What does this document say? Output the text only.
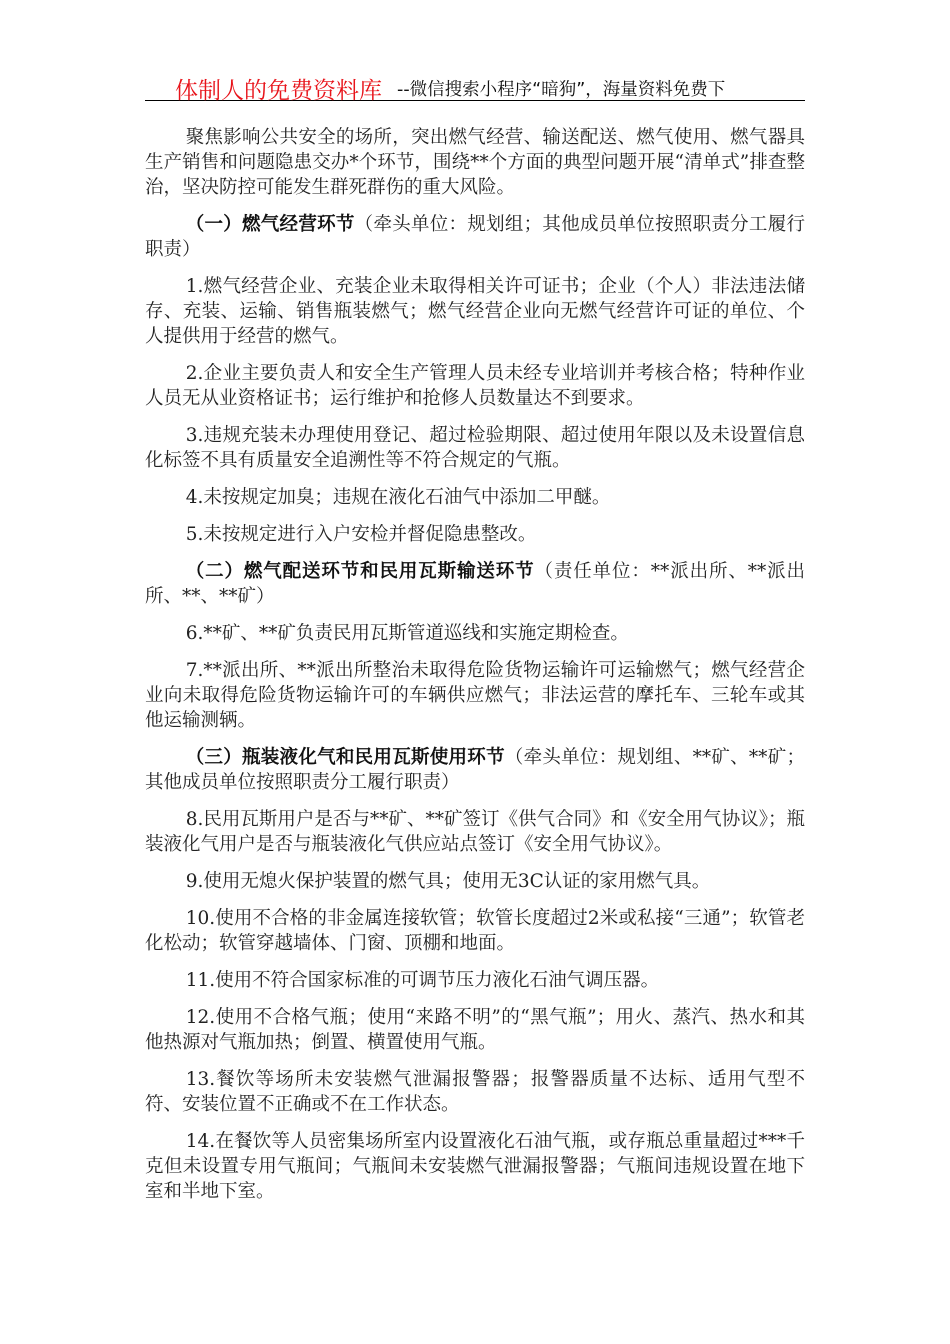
体制人的免费资料库 --微信搜索小程序“暗狗”，海量资料免费下

聚焦影响公共安全的场所，突出燃气经营、输送配送、燃气使用、燃气器具生产销售和问题隐患交办*个环节，围绕**个方面的典型问题开展“清单式”排查整治，坚决防控可能发生群死群伤的重大风险。

（一）燃气经营环节（牵头单位：规划组；其他成员单位按照职责分工履行职责）

1.燃气经营企业、充装企业未取得相关许可证书；企业（个人）非法违法储存、充装、运输、销售瓶装燃气；燃气经营企业向无燃气经营许可证的单位、个人提供用于经营的燃气。

2.企业主要负责人和安全生产管理人员未经专业培训并考核合格；特种作业人员无从业资格证书；运行维护和抢修人员数量达不到要求。

3.违规充装未办理使用登记、超过检验期限、超过使用年限以及未设置信息化标签不具有质量安全追溯性等不符合规定的气瓶。

4.未按规定加臭；违规在液化石油气中添加二甲醚。

5.未按规定进行入户安检并督促隐患整改。

（二）燃气配送环节和民用瓦斯输送环节（责任单位：**派出所、**派出所、**、**矿）

6.**矿、**矿负责民用瓦斯管道巡线和实施定期检查。

7.**派出所、**派出所整治未取得危险货物运输许可运输燃气；燃气经营企业向未取得危险货物运输许可的车辆供应燃气；非法运营的摩托车、三轮车或其他运输测辆。

（三）瓶装液化气和民用瓦斯使用环节（牵头单位：规划组、**矿、**矿；其他成员单位按照职责分工履行职责）

8.民用瓦斯用户是否与**矿、**矿签订《供气合同》和《安全用气协议》；瓶装液化气用户是否与瓶装液化气供应站点签订《安全用气协议》。

9.使用无熄火保护装置的燃气具；使用无3C认证的家用燃气具。

10.使用不合格的非金属连接软管；软管长度超过2米或私接“三通”；软管老化松动；软管穿越墙体、门窗、顶棚和地面。

11.使用不符合国家标准的可调节压力液化石油气调压器。

12.使用不合格气瓶；使用“来路不明”的“黑气瓶”；用火、蒸汽、热水和其他热源对气瓶加热；倒置、横置使用气瓶。

13.餐饮等场所未安装燃气泄漏报警器；报警器质量不达标、适用气型不符、安装位置不正确或不在工作状态。

14.在餐饮等人员密集场所室内设置液化石油气瓶，或存瓶总重量超过***千克但未设置专用气瓶间；气瓶间未安装燃气泄漏报警器；气瓶间违规设置在地下室和半地下室。
